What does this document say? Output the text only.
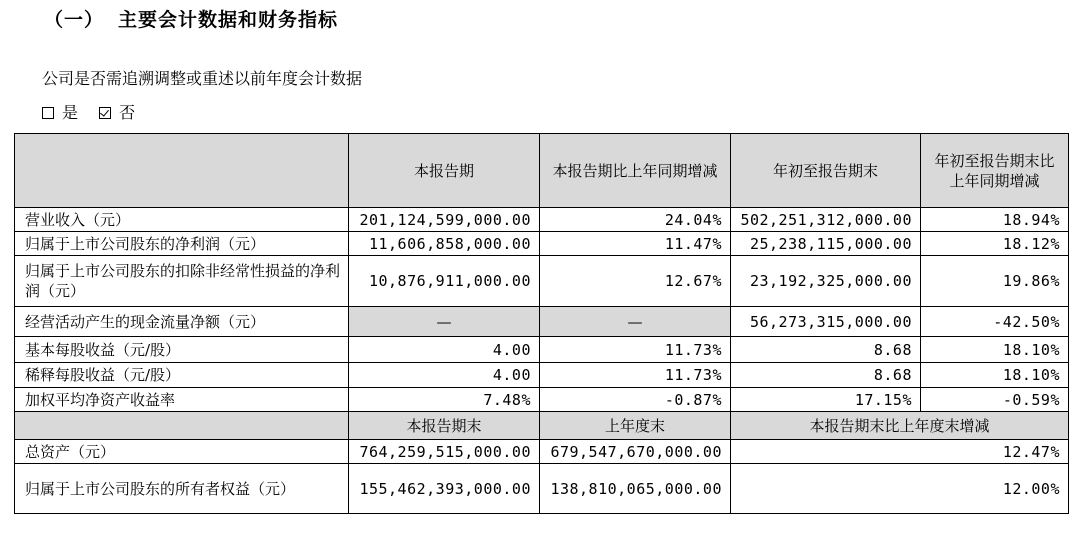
（一） 主要会计数据和财务指标
公司是否需追溯调整或重述以前年度会计数据
是	否
	本报告期	本报告期比上年同期增减	年初至报告期末	年初至报告期末比上年同期增减
营业收入（元）	201,124,599,000.00	24.04%	502,251,312,000.00	18.94%
归属于上市公司股东的净利润（元）	11,606,858,000.00	11.47%	25,238,115,000.00	18.12%
归属于上市公司股东的扣除非经常性损益的净利润（元）	10,876,911,000.00	12.67%	23,192,325,000.00	19.86%
经营活动产生的现金流量净额（元）	—	—	56,273,315,000.00	-42.50%
基本每股收益（元/股）	4.00	11.73%	8.68	18.10%
稀释每股收益（元/股）	4.00	11.73%	8.68	18.10%
加权平均净资产收益率	7.48%	-0.87%	17.15%	-0.59%
	本报告期末	上年度末	本报告期末比上年度末增减	
总资产（元）	764,259,515,000.00	679,547,670,000.00	12.47%	
归属于上市公司股东的所有者权益（元）	155,462,393,000.00	138,810,065,000.00	12.00%	
